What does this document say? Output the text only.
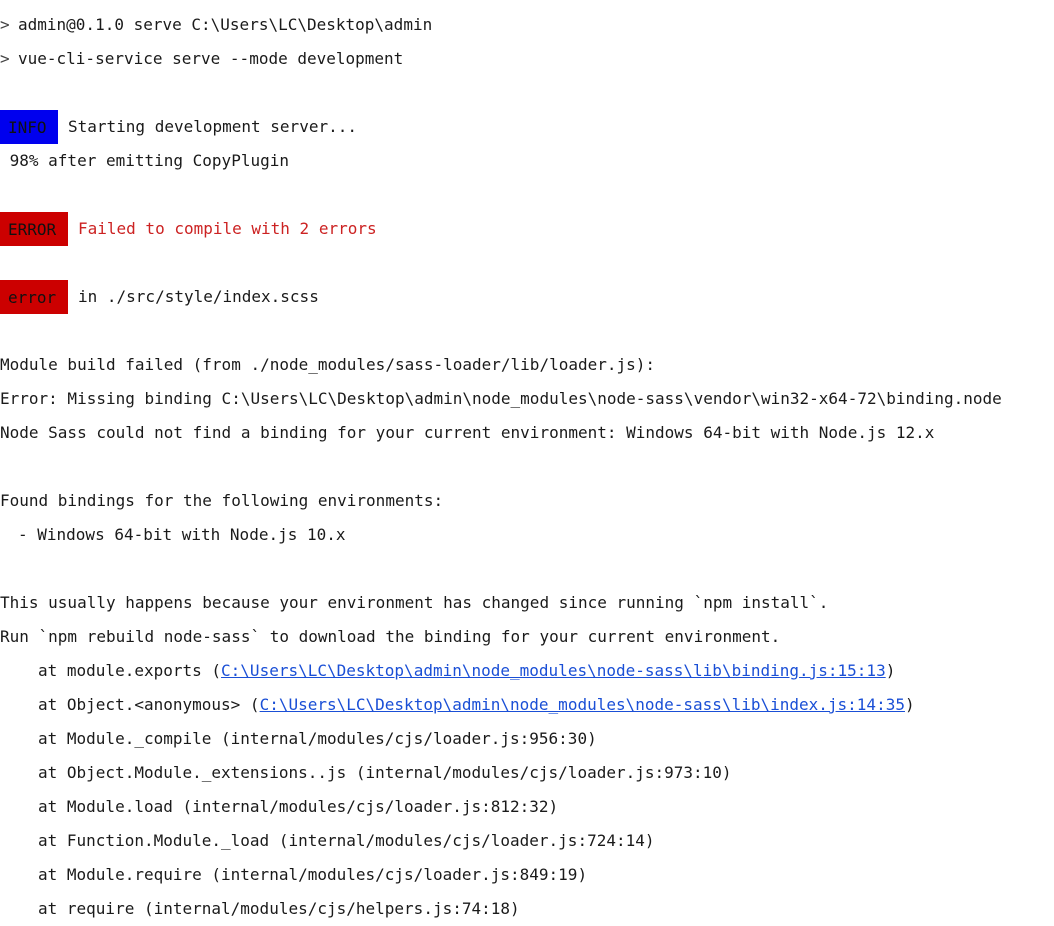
> admin@0.1.0 serve C:\Users\LC\Desktop\admin
> vue-cli-service serve --mode development
INFO Starting development server...
98% after emitting CopyPlugin
ERROR Failed to compile with 2 errors
error in ./src/style/index.scss
Module build failed (from ./node_modules/sass-loader/lib/loader.js):
Error: Missing binding C:\Users\LC\Desktop\admin\node_modules\node-sass\vendor\win32-x64-72\binding.node
Node Sass could not find a binding for your current environment: Windows 64-bit with Node.js 12.x
Found bindings for the following environments:
- Windows 64-bit with Node.js 10.x
This usually happens because your environment has changed since running `npm install`.
Run `npm rebuild node-sass` to download the binding for your current environment.
at module.exports (C:\Users\LC\Desktop\admin\node_modules\node-sass\lib\binding.js:15:13)
at Object.<anonymous> (C:\Users\LC\Desktop\admin\node_modules\node-sass\lib\index.js:14:35)
at Module._compile (internal/modules/cjs/loader.js:956:30)
at Object.Module._extensions..js (internal/modules/cjs/loader.js:973:10)
at Module.load (internal/modules/cjs/loader.js:812:32)
at Function.Module._load (internal/modules/cjs/loader.js:724:14)
at Module.require (internal/modules/cjs/loader.js:849:19)
at require (internal/modules/cjs/helpers.js:74:18)
